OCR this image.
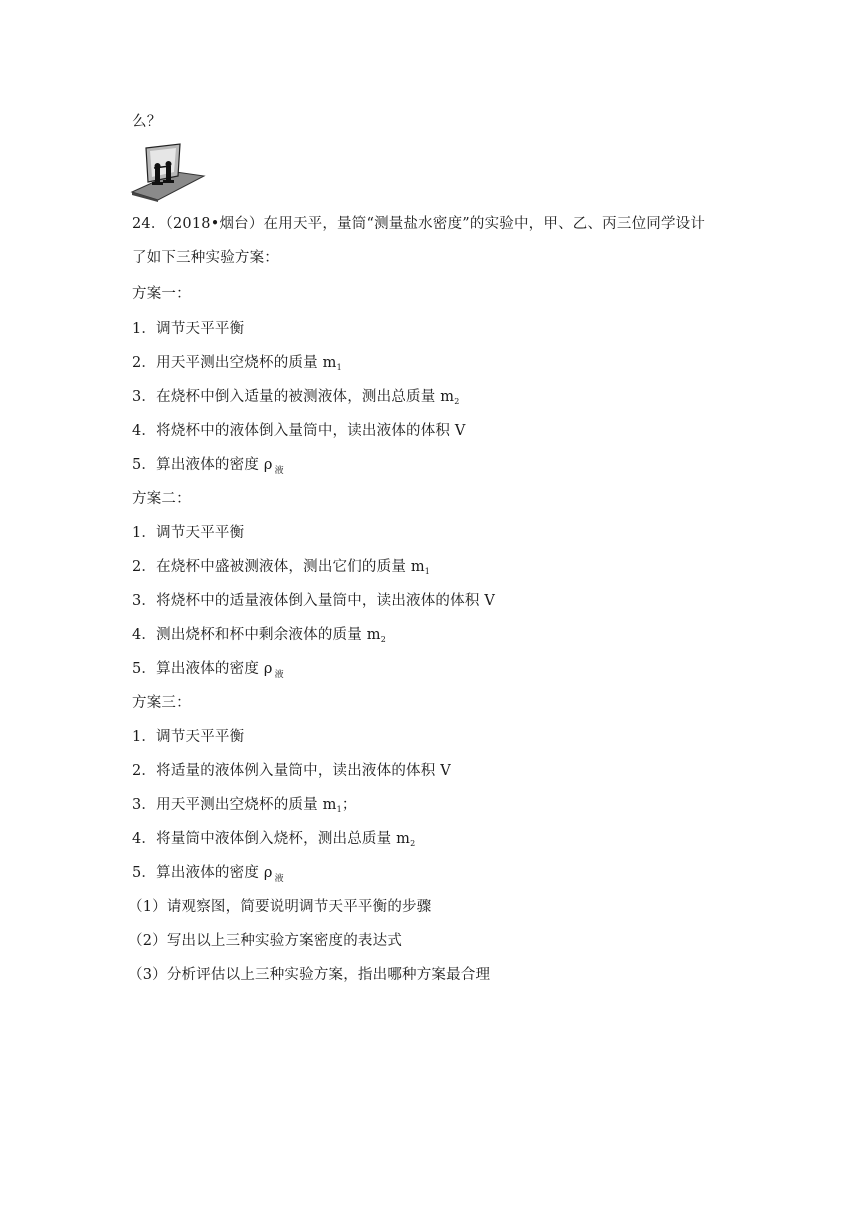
么？
24．（2018•烟台）在用天平，量筒“测量盐水密度”的实验中，甲、乙、丙三位同学设计
了如下三种实验方案：
方案一：
1．调节天平平衡
2．用天平测出空烧杯的质量 $m_1$
3．在烧杯中倒入适量的被测液体，测出总质量 $m_2$
4．将烧杯中的液体倒入量筒中，读出液体的体积 V
5．算出液体的密度 ρ $_液$
方案二：
1．调节天平平衡
2．在烧杯中盛被测液体，测出它们的质量 $m_1$
3．将烧杯中的适量液体倒入量筒中，读出液体的体积 V
4．测出烧杯和杯中剩余液体的质量 $m_2$
5．算出液体的密度 ρ $_液$
方案三：
1．调节天平平衡
2．将适量的液体例入量筒中，读出液体的体积 V
3．用天平测出空烧杯的质量 $m_1$；
4．将量筒中液体倒入烧杯，测出总质量 $m_2$
5．算出液体的密度 ρ $_液$
（1）请观察图，简要说明调节天平平衡的步骤
（2）写出以上三种实验方案密度的表达式
（3）分析评估以上三种实验方案，指出哪种方案最合理
